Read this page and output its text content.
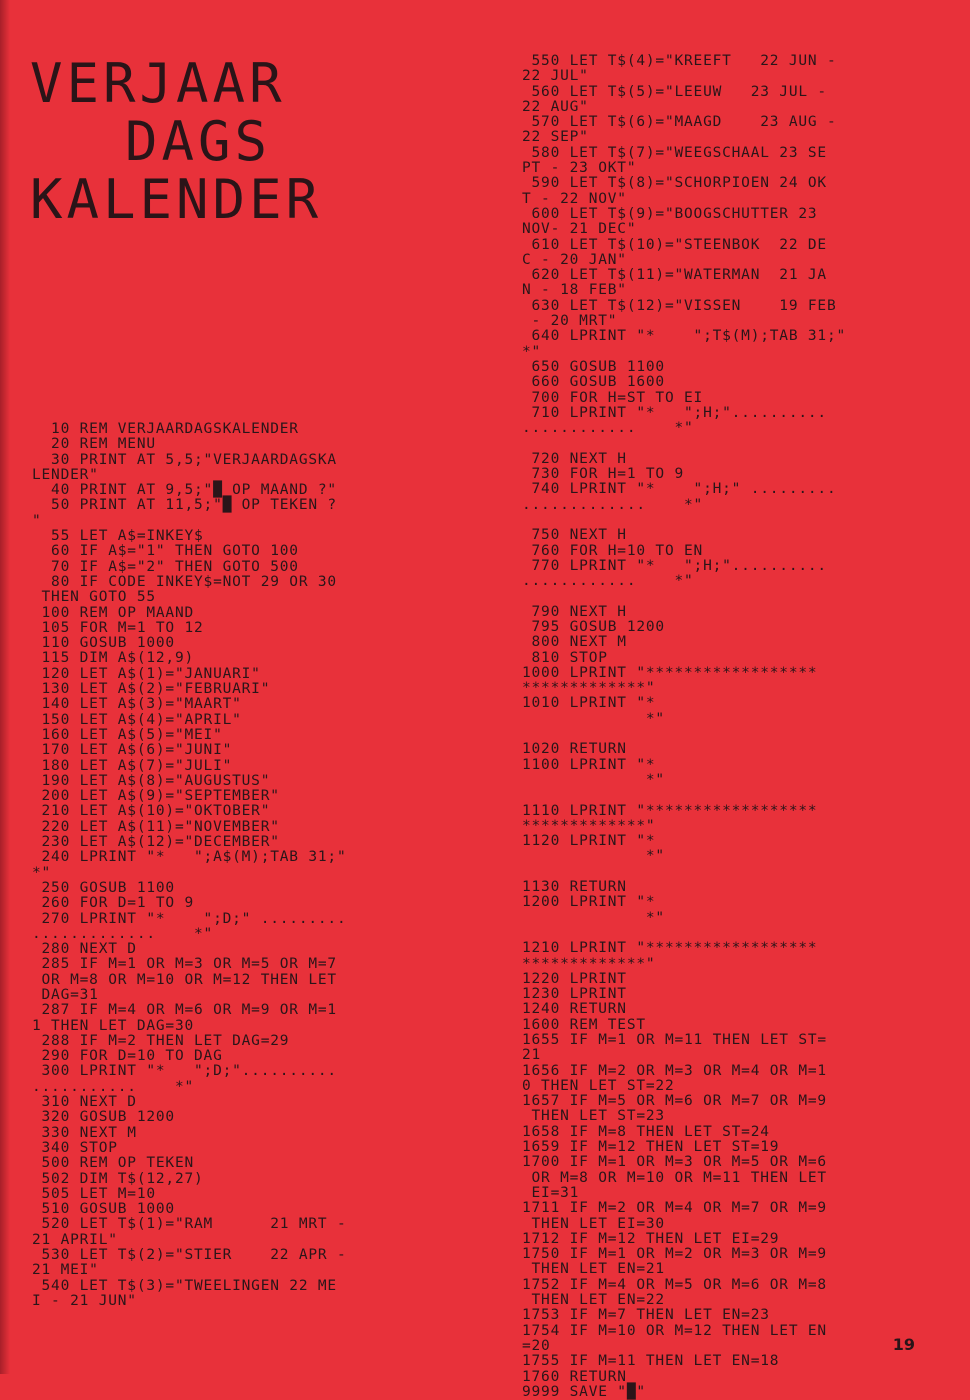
VERJAAR
DAGS
KALENDER
10 REM VERJAARDAGSKALENDER
20 REM MENU
30 PRINT AT 5,5;"VERJAARDAGSKA
LENDER"
40 PRINT AT 9,5;"█ OP MAAND ?"
50 PRINT AT 11,5;"█ OP TEKEN ?
"
55 LET A$=INKEY$
60 IF A$="1" THEN GOTO 100
70 IF A$="2" THEN GOTO 500
80 IF CODE INKEY$=NOT 29 OR 30
THEN GOTO 55
100 REM OP MAAND
105 FOR M=1 TO 12
110 GOSUB 1000
115 DIM A$(12,9)
120 LET A$(1)="JANUARI"
130 LET A$(2)="FEBRUARI"
140 LET A$(3)="MAART"
150 LET A$(4)="APRIL"
160 LET A$(5)="MEI"
170 LET A$(6)="JUNI"
180 LET A$(7)="JULI"
190 LET A$(8)="AUGUSTUS"
200 LET A$(9)="SEPTEMBER"
210 LET A$(10)="OKTOBER"
220 LET A$(11)="NOVEMBER"
230 LET A$(12)="DECEMBER"
240 LPRINT "*   ";A$(M);TAB 31;"
*"
250 GOSUB 1100
260 FOR D=1 TO 9
270 LPRINT "*    ";D;" .........
.............    *"
280 NEXT D
285 IF M=1 OR M=3 OR M=5 OR M=7
OR M=8 OR M=10 OR M=12 THEN LET
DAG=31
287 IF M=4 OR M=6 OR M=9 OR M=1
1 THEN LET DAG=30
288 IF M=2 THEN LET DAG=29
290 FOR D=10 TO DAG
300 LPRINT "*   ";D;"..........
...........    *"
310 NEXT D
320 GOSUB 1200
330 NEXT M
340 STOP
500 REM OP TEKEN
502 DIM T$(12,27)
505 LET M=10
510 GOSUB 1000
520 LET T$(1)="RAM      21 MRT -
21 APRIL"
530 LET T$(2)="STIER    22 APR -
21 MEI"
540 LET T$(3)="TWEELINGEN 22 ME
I - 21 JUN"
550 LET T$(4)="KREEFT   22 JUN -
22 JUL"
560 LET T$(5)="LEEUW   23 JUL -
22 AUG"
570 LET T$(6)="MAAGD    23 AUG -
22 SEP"
580 LET T$(7)="WEEGSCHAAL 23 SE
PT - 23 OKT"
590 LET T$(8)="SCHORPIOEN 24 OK
T - 22 NOV"
600 LET T$(9)="BOOGSCHUTTER 23
NOV- 21 DEC"
610 LET T$(10)="STEENBOK  22 DE
C - 20 JAN"
620 LET T$(11)="WATERMAN  21 JA
N - 18 FEB"
630 LET T$(12)="VISSEN    19 FEB
- 20 MRT"
640 LPRINT "*    ";T$(M);TAB 31;"
*"
650 GOSUB 1100
660 GOSUB 1600
700 FOR H=ST TO EI
710 LPRINT "*   ";H;"..........
............    *"

720 NEXT H
730 FOR H=1 TO 9
740 LPRINT "*    ";H;" .........
.............    *"

750 NEXT H
760 FOR H=10 TO EN
770 LPRINT "*   ";H;"..........
............    *"

790 NEXT H
795 GOSUB 1200
800 NEXT M
810 STOP
1000 LPRINT "******************
*************"
1010 LPRINT "*
*"

1020 RETURN
1100 LPRINT "*
*"

1110 LPRINT "******************
*************"
1120 LPRINT "*
*"

1130 RETURN
1200 LPRINT "*
*"

1210 LPRINT "******************
*************"
1220 LPRINT
1230 LPRINT
1240 RETURN
1600 REM TEST
1655 IF M=1 OR M=11 THEN LET ST=
21
1656 IF M=2 OR M=3 OR M=4 OR M=1
0 THEN LET ST=22
1657 IF M=5 OR M=6 OR M=7 OR M=9
THEN LET ST=23
1658 IF M=8 THEN LET ST=24
1659 IF M=12 THEN LET ST=19
1700 IF M=1 OR M=3 OR M=5 OR M=6
OR M=8 OR M=10 OR M=11 THEN LET
EI=31
1711 IF M=2 OR M=4 OR M=7 OR M=9
THEN LET EI=30
1712 IF M=12 THEN LET EI=29
1750 IF M=1 OR M=2 OR M=3 OR M=9
THEN LET EN=21
1752 IF M=4 OR M=5 OR M=6 OR M=8
THEN LET EN=22
1753 IF M=7 THEN LET EN=23
1754 IF M=10 OR M=12 THEN LET EN
=20
1755 IF M=11 THEN LET EN=18
1760 RETURN
9999 SAVE "█"
19
